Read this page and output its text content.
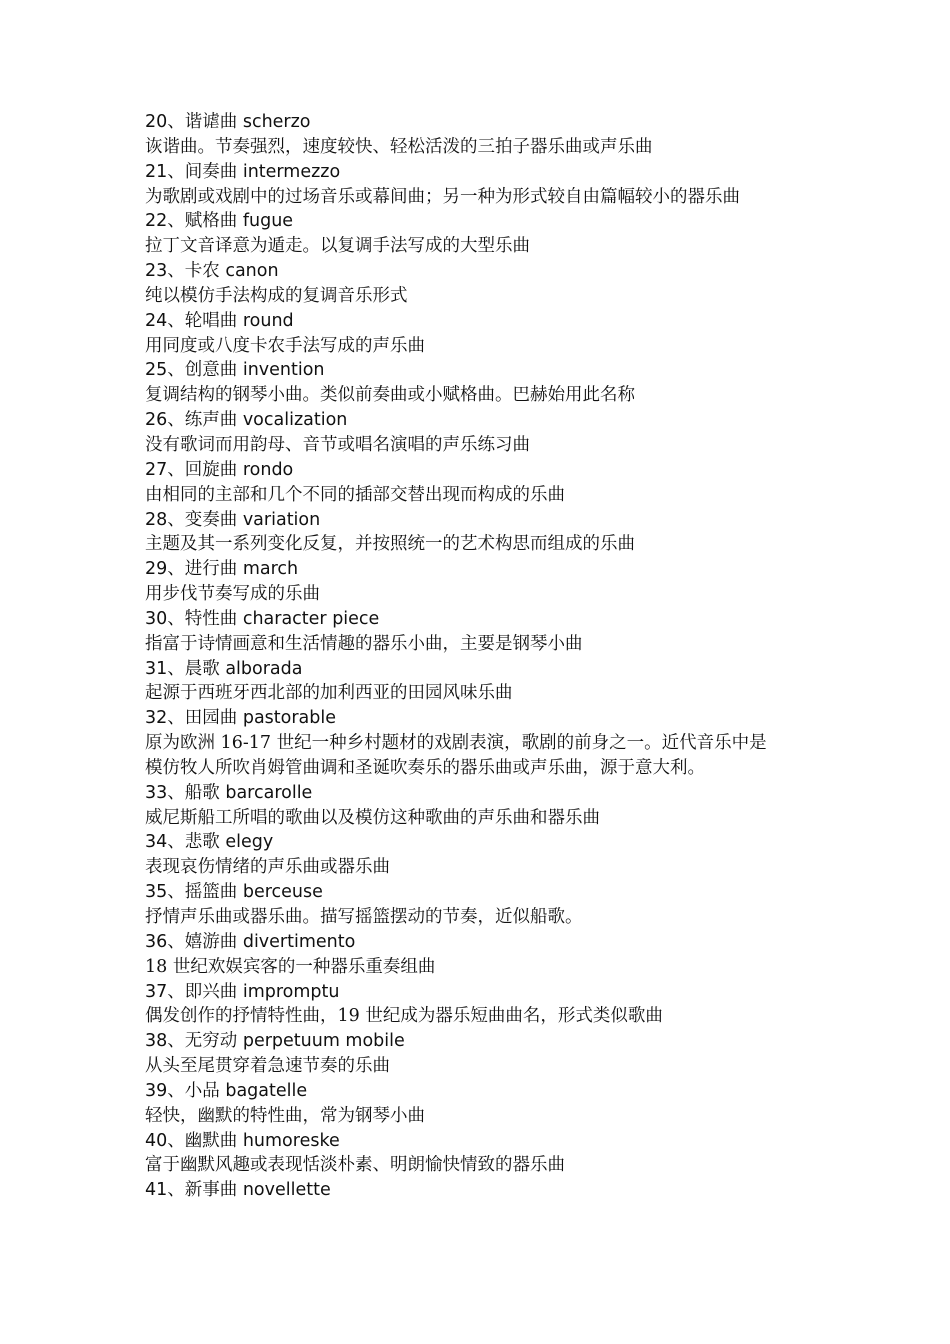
20、谐谑曲 scherzo
诙谐曲。节奏强烈，速度较快、轻松活泼的三拍子器乐曲或声乐曲
21、间奏曲 intermezzo
为歌剧或戏剧中的过场音乐或幕间曲；另一种为形式较自由篇幅较小的器乐曲
22、赋格曲 fugue
拉丁文音译意为遁走。以复调手法写成的大型乐曲
23、卡农 canon
纯以模仿手法构成的复调音乐形式
24、轮唱曲 round
用同度或八度卡农手法写成的声乐曲
25、创意曲 invention
复调结构的钢琴小曲。类似前奏曲或小赋格曲。巴赫始用此名称
26、练声曲 vocalization
没有歌词而用韵母、音节或唱名演唱的声乐练习曲
27、回旋曲 rondo
由相同的主部和几个不同的插部交替出现而构成的乐曲
28、变奏曲 variation
主题及其一系列变化反复，并按照统一的艺术构思而组成的乐曲
29、进行曲 march
用步伐节奏写成的乐曲
30、特性曲 character piece
指富于诗情画意和生活情趣的器乐小曲，主要是钢琴小曲
31、晨歌 alborada
起源于西班牙西北部的加利西亚的田园风味乐曲
32、田园曲 pastorable
原为欧洲 16-17 世纪一种乡村题材的戏剧表演，歌剧的前身之一。近代音乐中是
模仿牧人所吹肖姆管曲调和圣诞吹奏乐的器乐曲或声乐曲，源于意大利。
33、船歌 barcarolle
威尼斯船工所唱的歌曲以及模仿这种歌曲的声乐曲和器乐曲
34、悲歌 elegy
表现哀伤情绪的声乐曲或器乐曲
35、摇篮曲 berceuse
抒情声乐曲或器乐曲。描写摇篮摆动的节奏，近似船歌。
36、嬉游曲 divertimento
18 世纪欢娱宾客的一种器乐重奏组曲
37、即兴曲 impromptu
偶发创作的抒情特性曲，19 世纪成为器乐短曲曲名，形式类似歌曲
38、无穷动 perpetuum mobile
从头至尾贯穿着急速节奏的乐曲
39、小品 bagatelle
轻快，幽默的特性曲，常为钢琴小曲
40、幽默曲 humoreske
富于幽默风趣或表现恬淡朴素、明朗愉快情致的器乐曲
41、新事曲 novellette
